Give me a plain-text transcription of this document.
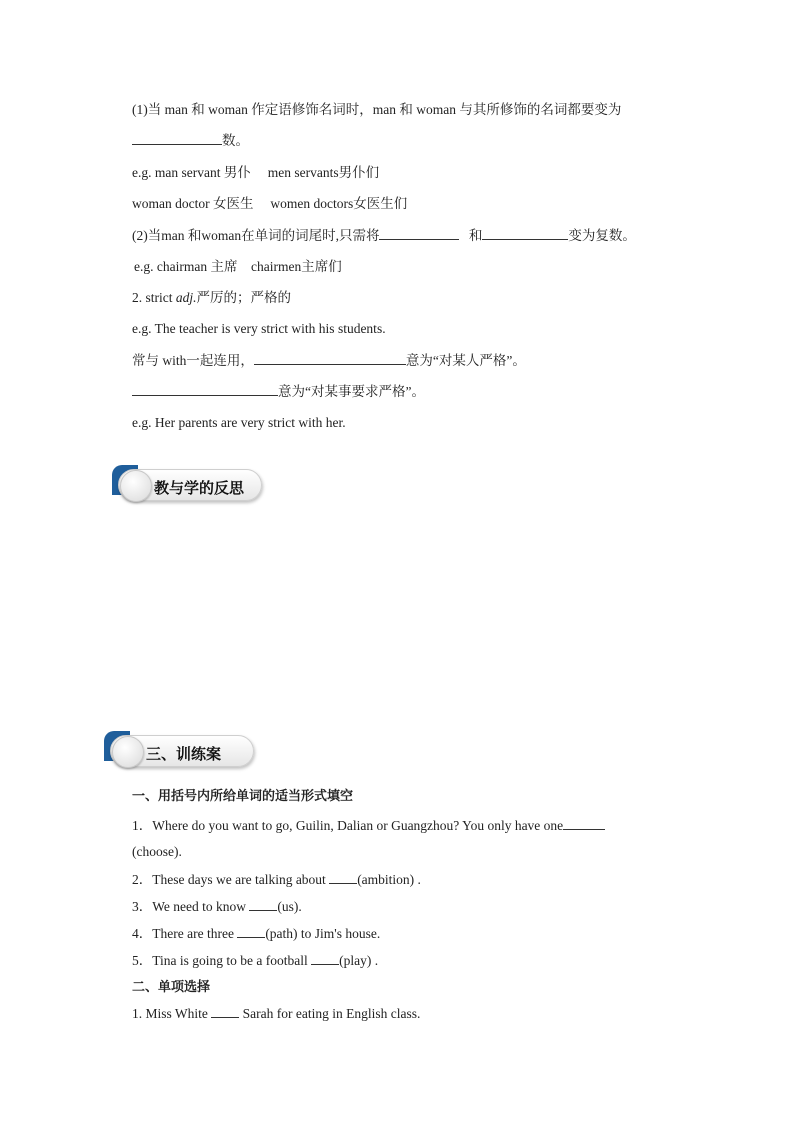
(1)当 man 和 woman 作定语修饰名词时，man 和 woman 与其所修饰的名词都要变为
数。
e.g. man servant 男仆　 men servants男仆们
woman doctor 女医生　 women doctors女医生们
(2)当man 和woman在单词的词尾时,只需将	和	变为复数。
e.g. chairman 主席　chairmen主席们
2. strict adj.严厉的；严格的
e.g. The teacher is very strict with his students.
常与 with一起连用，	意为“对某人严格”。
意为“对某事要求严格”。
e.g. Her parents are very strict with her.
教与学的反思
三、训练案
一、用括号内所给单词的适当形式填空
1．Where do you want to go, Guilin, Dalian or Guangzhou? You only have one
(choose).
2．These days we are talking about (ambition) .
3．We need to know (us).
4．There are three (path) to Jim's house.
5．Tina is going to be a football (play) .
二、单项选择
1. Miss White  Sarah for eating in English class.
